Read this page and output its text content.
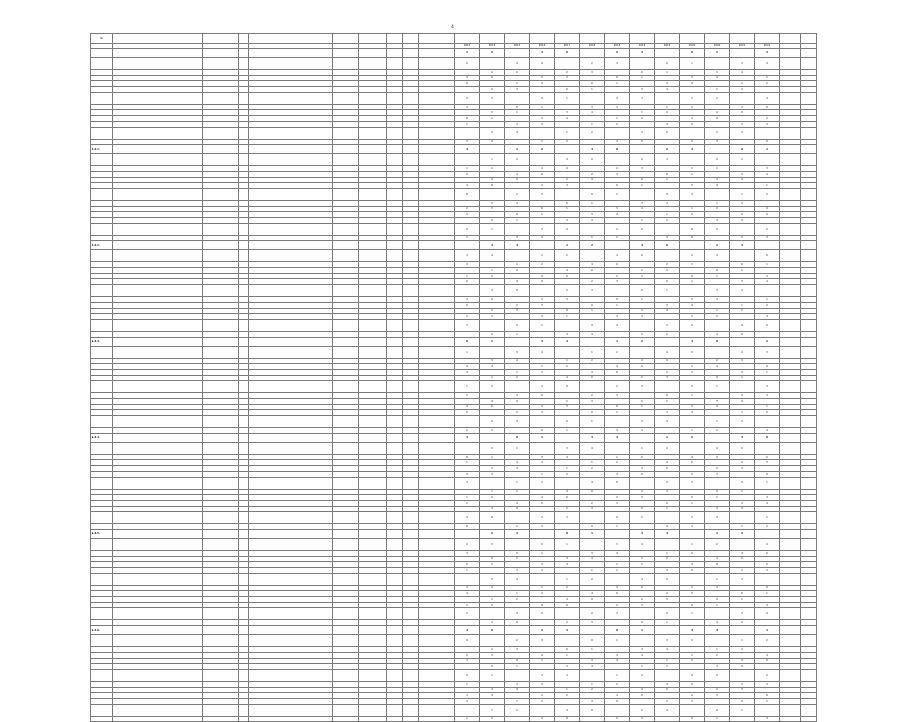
4
№																								
										2014	2014	2015	2016	2017	2018	2018	2019	2019	2020	2020	2021	2021		
										1	2		4	0		2	3		0	1		3		
										2		4	0		2	3		0	1		3	4		
											4	0		2	3		0	1		3	4			
										4	0		2	3		0	1		3	4		1		
										0		2	3		0	1		3	4		1	2		
											2	3		0	1		3	4		1	2			
										2	3		0	1		3	4		1	2		4		
										3		0	1		3	4		1	2		4	0		
											0	1		3	4		1	2		4	0			
										0	1		3	4		1	2		4	0		2		
										1		3	4		1	2		4	0		2	3		
											3	4		1	2		4	0		2	3			
										3	4		1	2		4	0		2	3		0		
1.2.1.										4		1	2		4	0		2	3		0	1		
											1	2		4	0		2	3		0	1			
										1	2		4	0		2	3		0	1		3		
										2		4	0		2	3		0	1		3	4		
											4	0		2	3		0	1		3	4			
										4	0		2	3		0	1		3	4		1		
										0		2	3		0	1		3	4		1	2		
											2	3		0	1		3	4		1	2			
										2	3		0	1		3	4		1	2		4		
										3		0	1		3	4		1	2		4	0		
											0	1		3	4		1	2		4	0			
										0	1		3	4		1	2		4	0		2		
										1		3	4		1	2		4	0		2	3		
1.2.2.											3	4		1	2		4	0		2	3			
										3	4		1	2		4	0		2	3		0		
										4		1	2		4	0		2	3		0	1		
											1	2		4	0		2	3		0	1			
										1	2		4	0		2	3		0	1		3		
										2		4	0		2	3		0	1		3	4		
											4	0		2	3		0	1		3	4			
										4	0		2	3		0	1		3	4		1		
										0		2	3		0	1		3	4		1	2		
											2	3		0	1		3	4		1	2			
										2	3		0	1		3	4		1	2		4		
										3		0	1		3	4		1	2		4	0		
											0	1		3	4		1	2		4	0			
1.2.3.										0	1		3	4		1	2		4	0		2		
										1		3	4		1	2		4	0		2	3		
											3	4		1	2		4	0		2	3			
										3	4		1	2		4	0		2	3		0		
										4		1	2		4	0		2	3		0	1		
											1	2		4	0		2	3		0	1			
										1	2		4	0		2	3		0	1		3		
										2		4	0		2	3		0	1		3	4		
											4	0		2	3		0	1		3	4			
										4	0		2	3		0	1		3	4		1		
										0		2	3		0	1		3	4		1	2		
											2	3		0	1		3	4		1	2			
										2	3		0	1		3	4		1	2		4		
1.2.4.										3		0	1		3	4		1	2		4	0		
											0	1		3	4		1	2		4	0			
										0	1		3	4		1	2		4	0		2		
										1		3	4		1	2		4	0		2	3		
											3	4		1	2		4	0		2	3			
										3	4		1	2		4	0		2	3		0		
										4		1	2		4	0		2	3		0	1		
											1	2		4	0		2	3		0	1			
										1	2		4	0		2	3		0	1		3		
										2		4	0		2	3		0	1		3	4		
											4	0		2	3		0	1		3	4			
										4	0		2	3		0	1		3	4		1		
										0		2	3		0	1		3	4		1	2		
1.2.5.											2	3		0	1		3	4		1	2			
										2	3		0	1		3	4		1	2		4		
										3		0	1		3	4		1	2		4	0		
											0	1		3	4		1	2		4	0			
										0	1		3	4		1	2		4	0		2		
										1		3	4		1	2		4	0		2	3		
											3	4		1	2		4	0		2	3			
										3	4		1	2		4	0		2	3		0		
										4		1	2		4	0		2	3		0	1		
											1	2		4	0		2	3		0	1			
										1	2		4	0		2	3		0	1		3		
										2		4	0		2	3		0	1		3	4		
											4	0		2	3		0	1		3	4			
1.2.6.										4	0		2	3		0	1		3	4		1		
										0		2	3		0	1		3	4		1	2		
											2	3		0	1		3	4		1	2			
										2	3		0	1		3	4		1	2		4		
										3		0	1		3	4		1	2		4	0		
											0	1		3	4		1	2		4	0			
										0	1		3	4		1	2		4	0		2		
										1		3	4		1	2		4	0		2	3		
											3	4		1	2		4	0		2	3			
										3	4		1	2		4	0		2	3		0		
										4		1	2		4	0		2	3		0	1		
											1	2		4	0		2	3		0	1			
										1	2		4	0		2	3		0	1		3		
